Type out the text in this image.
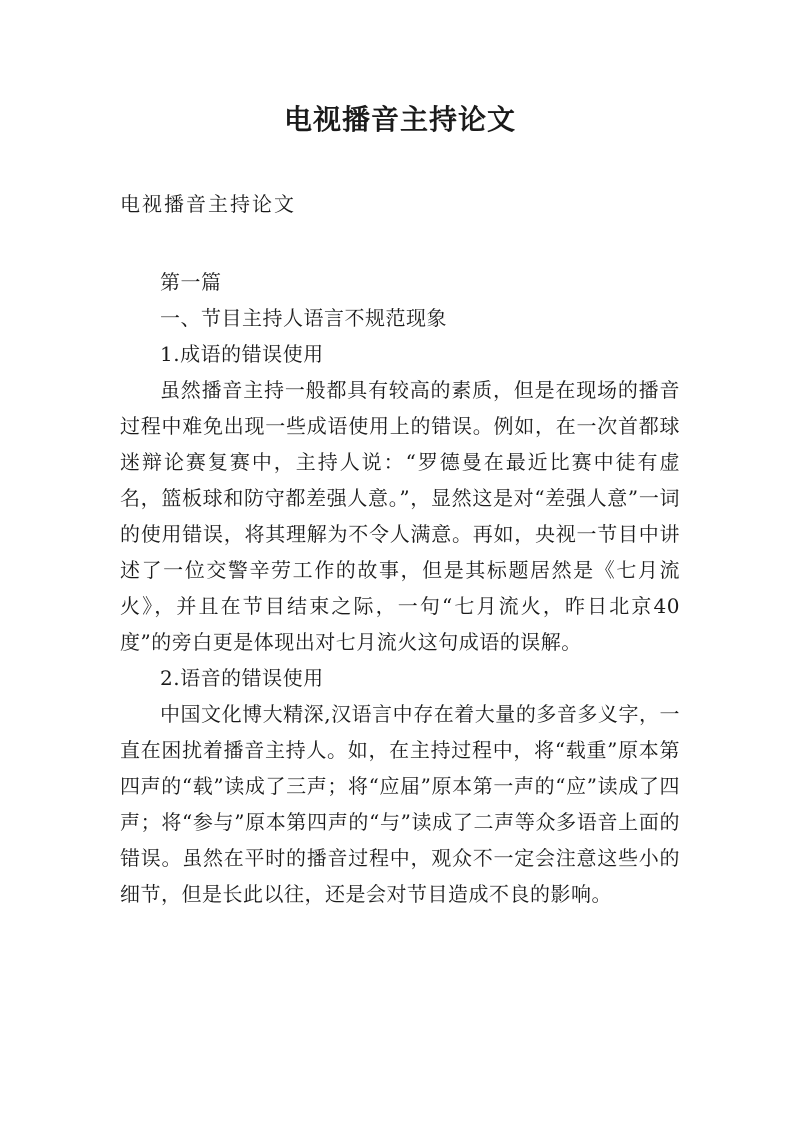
电视播音主持论文
电视播音主持论文

第一篇

一、节目主持人语言不规范现象

1.成语的错误使用

虽然播音主持一般都具有较高的素质，但是在现场的播音过程中难免出现一些成语使用上的错误。例如，在一次首都球迷辩论赛复赛中，主持人说：“罗德曼在最近比赛中徒有虚名，篮板球和防守都差强人意。”，显然这是对“差强人意”一词的使用错误，将其理解为不令人满意。再如，央视一节目中讲述了一位交警辛劳工作的故事，但是其标题居然是《七月流火》，并且在节目结束之际，一句“七月流火，昨日北京40度”的旁白更是体现出对七月流火这句成语的误解。

2.语音的错误使用

中国文化博大精深,汉语言中存在着大量的多音多义字，一直在困扰着播音主持人。如，在主持过程中，将“载重”原本第四声的“载”读成了三声；将“应届”原本第一声的“应”读成了四声；将“参与”原本第四声的“与”读成了二声等众多语音上面的错误。虽然在平时的播音过程中，观众不一定会注意这些小的细节，但是长此以往，还是会对节目造成不良的影响。
